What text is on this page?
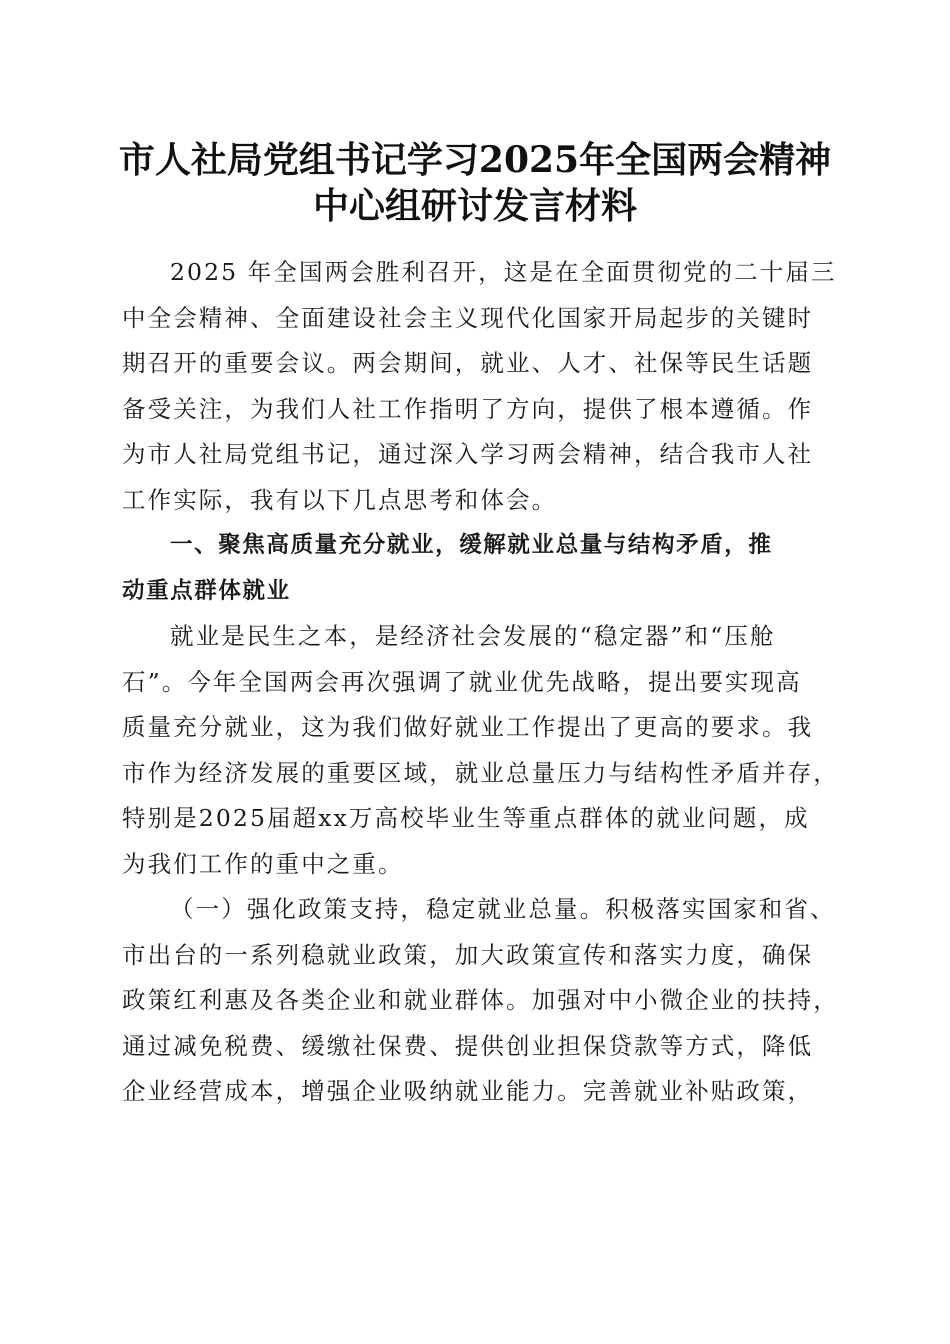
市人社局党组书记学习2025年全国两会精神
中心组研讨发言材料
2025 年全国两会胜利召开，这是在全面贯彻党的二十届三
中全会精神、全面建设社会主义现代化国家开局起步的关键时
期召开的重要会议。两会期间，就业、人才、社保等民生话题
备受关注，为我们人社工作指明了方向，提供了根本遵循。作
为市人社局党组书记，通过深入学习两会精神，结合我市人社
工作实际，我有以下几点思考和体会。
一、聚焦高质量充分就业，缓解就业总量与结构矛盾，推
动重点群体就业
就业是民生之本，是经济社会发展的“稳定器”和“压舱
石”。今年全国两会再次强调了就业优先战略，提出要实现高
质量充分就业，这为我们做好就业工作提出了更高的要求。我
市作为经济发展的重要区域，就业总量压力与结构性矛盾并存，
特别是2025届超xx万高校毕业生等重点群体的就业问题，成
为我们工作的重中之重。
（一）强化政策支持，稳定就业总量。积极落实国家和省、
市出台的一系列稳就业政策，加大政策宣传和落实力度，确保
政策红利惠及各类企业和就业群体。加强对中小微企业的扶持，
通过减免税费、缓缴社保费、提供创业担保贷款等方式，降低
企业经营成本，增强企业吸纳就业能力。完善就业补贴政策，
